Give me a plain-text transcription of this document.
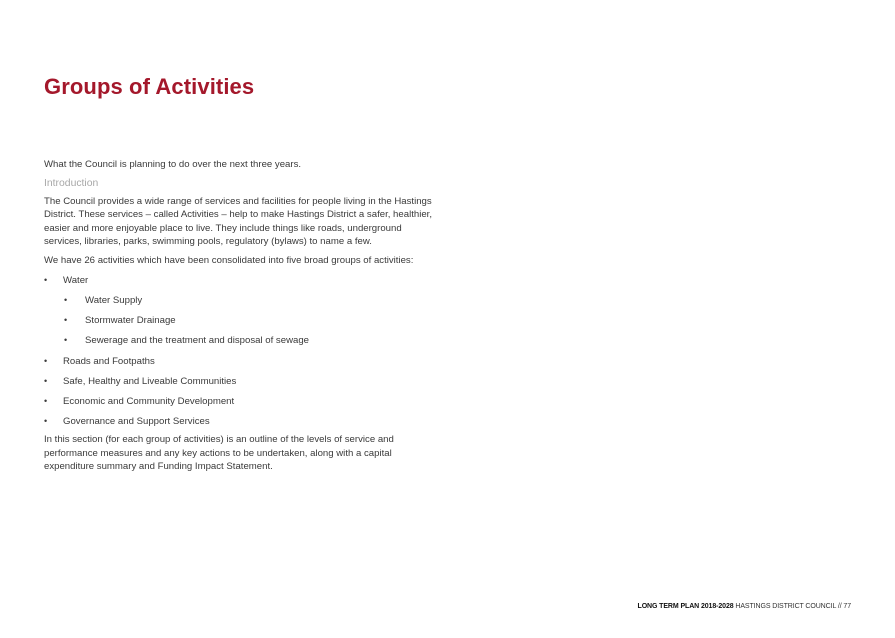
Groups of Activities

What the Council is planning to do over the next three years.

Introduction

The Council provides a wide range of services and facilities for people living in the Hastings District. These services – called Activities – help to make Hastings District a safer, healthier, easier and more enjoyable place to live. They include things like roads, underground services, libraries, parks, swimming pools, regulatory (bylaws) to name a few.

We have 26 activities which have been consolidated into five broad groups of activities:

• Water
• Water Supply
• Stormwater Drainage
• Sewerage and the treatment and disposal of sewage
• Roads and Footpaths
• Safe, Healthy and Liveable Communities
• Economic and Community Development
• Governance and Support Services

In this section (for each group of activities) is an outline of the levels of service and performance measures and any key actions to be undertaken, along with a capital expenditure summary and Funding Impact Statement.

LONG TERM PLAN 2018-2028 HASTINGS DISTRICT COUNCIL // 77
